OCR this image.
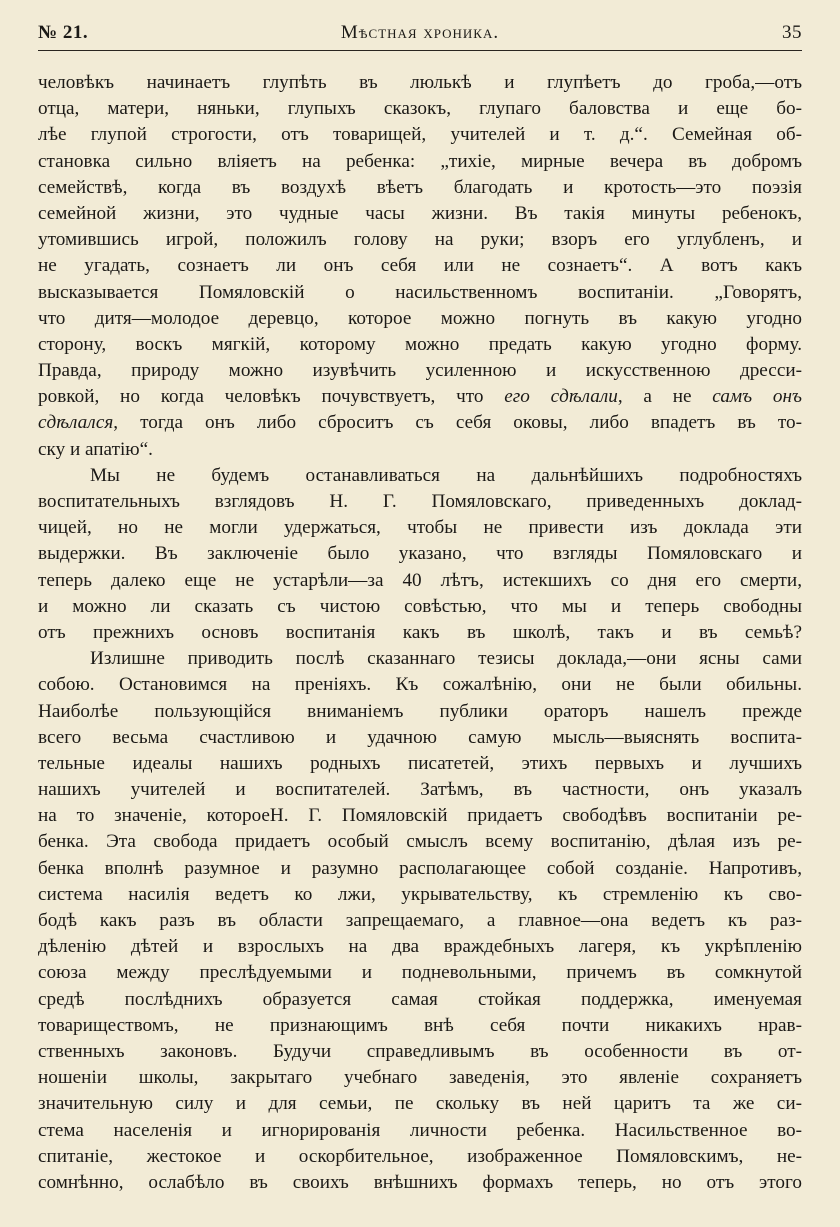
№ 21.	Мѣстная хроника.	35
человѣкъ начинаетъ глупѣть въ люлькѣ и глупѣетъ до гроба,—отъ
отца, матери, няньки, глупыхъ сказокъ, глупаго баловства и еще бо-
лѣе глупой строгости, отъ товарищей, учителей и т. д.“. Семейная об-
становка сильно вліяетъ на ребенка: „тихіе, мирные вечера въ добромъ
семействѣ, когда въ воздухѣ вѣетъ благодать и кротость—это поэзія
семейной жизни, это чудные часы жизни. Въ такія минуты ребенокъ,
утомившись игрой, положилъ голову на руки; взоръ его углубленъ, и
не угадать, сознаетъ ли онъ себя или не сознаетъ“. А вотъ какъ
высказывается Помяловскій о насильственномъ воспитаніи. „Говорятъ,
что дитя—молодое деревцо, которое можно погнуть въ какую угодно
сторону, воскъ мягкій, которому можно предать какую угодно форму.
Правда, природу можно изувѣчить усиленною и искусственною дресси-
ровкой, но когда человѣкъ почувствуетъ, что его сдѣлали, а не самъ онъ
сдѣлался, тогда онъ либо сброситъ съ себя оковы, либо впадетъ въ то-
ску и апатію“.
Мы не будемъ останавливаться на дальнѣйшихъ подробностяхъ
воспитательныхъ взглядовъ Н. Г. Помяловскаго, приведенныхъ доклад-
чицей, но не могли удержаться, чтобы не привести изъ доклада эти
выдержки. Въ заключеніе было указано, что взгляды Помяловскаго и
теперь далеко еще не устарѣли—за 40 лѣтъ, истекшихъ со дня его смерти,
и можно ли сказать съ чистою совѣстью, что мы и теперь свободны
отъ прежнихъ основъ воспитанія какъ въ школѣ, такъ и въ семьѣ?
Излишне приводить послѣ сказаннаго тезисы доклада,—они ясны сами
собою. Остановимся на преніяхъ. Къ сожалѣнію, они не были обильны.
Наиболѣе пользующійся вниманіемъ публики ораторъ нашелъ прежде
всего весьма счастливою и удачною самую мысль—выяснять воспита-
тельные идеалы нашихъ родныхъ писатетей, этихъ первыхъ и лучшихъ
нашихъ учителей и воспитателей. Затѣмъ, въ частности, онъ указалъ
на то значеніе, котороеН. Г. Помяловскій придаетъ свободѣвъ воспитаніи ре-
бенка. Эта свобода придаетъ особый смыслъ всему воспитанію, дѣлая изъ ре-
бенка вполнѣ разумное и разумно располагающее собой созданіе. Напротивъ,
система насилія ведетъ ко лжи, укрывательству, къ стремленію къ сво-
бодѣ какъ разъ въ области запрещаемаго, а главное—она ведетъ къ раз-
дѣленію дѣтей и взрослыхъ на два враждебныхъ лагеря, къ укрѣпленію
союза между преслѣдуемыми и подневольными, причемъ въ сомкнутой
средѣ послѣднихъ образуется самая стойкая поддержка, именуемая
товариществомъ, не признающимъ внѣ себя почти никакихъ нрав-
ственныхъ законовъ. Будучи справедливымъ въ особенности въ от-
ношеніи школы, закрытаго учебнаго заведенія, это явленіе сохраняетъ
значительную силу и для семьи, пе скольку въ ней царитъ та же си-
стема населенія и игнорированія личности ребенка. Насильственное во-
спитаніе, жестокое и оскорбительное, изображенное Помяловскимъ, не-
сомнѣнно, ослабѣло въ своихъ внѣшнихъ формахъ теперь, но отъ этого
